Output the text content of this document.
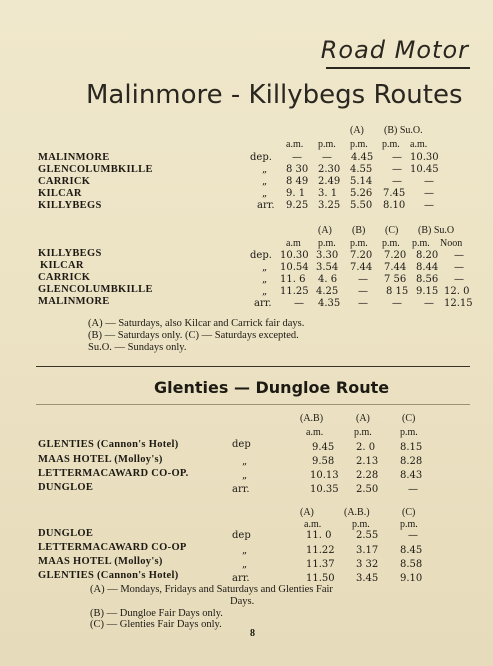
Road Motor
Malinmore - Killybegs Routes
(A) (B) Su.O.
a.m. p.m. p.m. p.m. a.m.
MALINMORE	dep. — — 4.45 — 10.30
GLENCOLUMBKILLE	„ 8 30 2.30 4.55 — 10.45
CARRICK	„ 8 49 2.49 5.14 — —
KILCAR	„ 9. 1 3. 1 5.26 7.45 —
KILLYBEGS	arr. 9.25 3.25 5.50 8.10 —
(A) (B) (C) (B) Su.O
a.m p.m. p.m. p.m. p.m. Noon
KILLYBEGS	dep. 10.30 3.30 7.20 7.20 8.20 —
KILCAR	„ 10.54 3.54 7.44 7.44 8.44 —
CARRICK	„ 11. 6 4. 6 — 7 56 8.56 —
GLENCOLUMBKILLE	„ 11.25 4.25 — 8 15 9.15 12. 0
MALINMORE	arr. — 4.35 — — — 12.15
(A) — Saturdays, also Kilcar and Carrick fair days.
(B) — Saturdays only. (C) — Saturdays excepted.
Su.O. — Sundays only.
Glenties — Dungloe Route
(A.B)	(A)	(C)
a.m.	p.m.	p.m.
GLENTIES (Cannon's Hotel)	dep	9.45 2. 0 8.15
MAAS HOTEL (Molloy's)	„	9.58 2.13 8.28
LETTERMACAWARD CO-OP.	„	10.13 2.28 8.43
DUNGLOE	arr.	10.35 2.50	—
(A)	(A.B.)	(C)
a.m.	p.m.	p.m.
DUNGLOE	dep	11. 0 2.55	—
LETTERMACAWARD CO-OP	„	11.22 3.17 8.45
MAAS HOTEL (Molloy's)	„	11.37 3 32 8.58
GLENTIES (Cannon's Hotel)	arr.	11.50 3.45 9.10
(A) — Mondays, Fridays and Saturdays and Glenties Fair
Days.
(B) — Dungloe Fair Days only.
(C) — Glenties Fair Days only.
8
